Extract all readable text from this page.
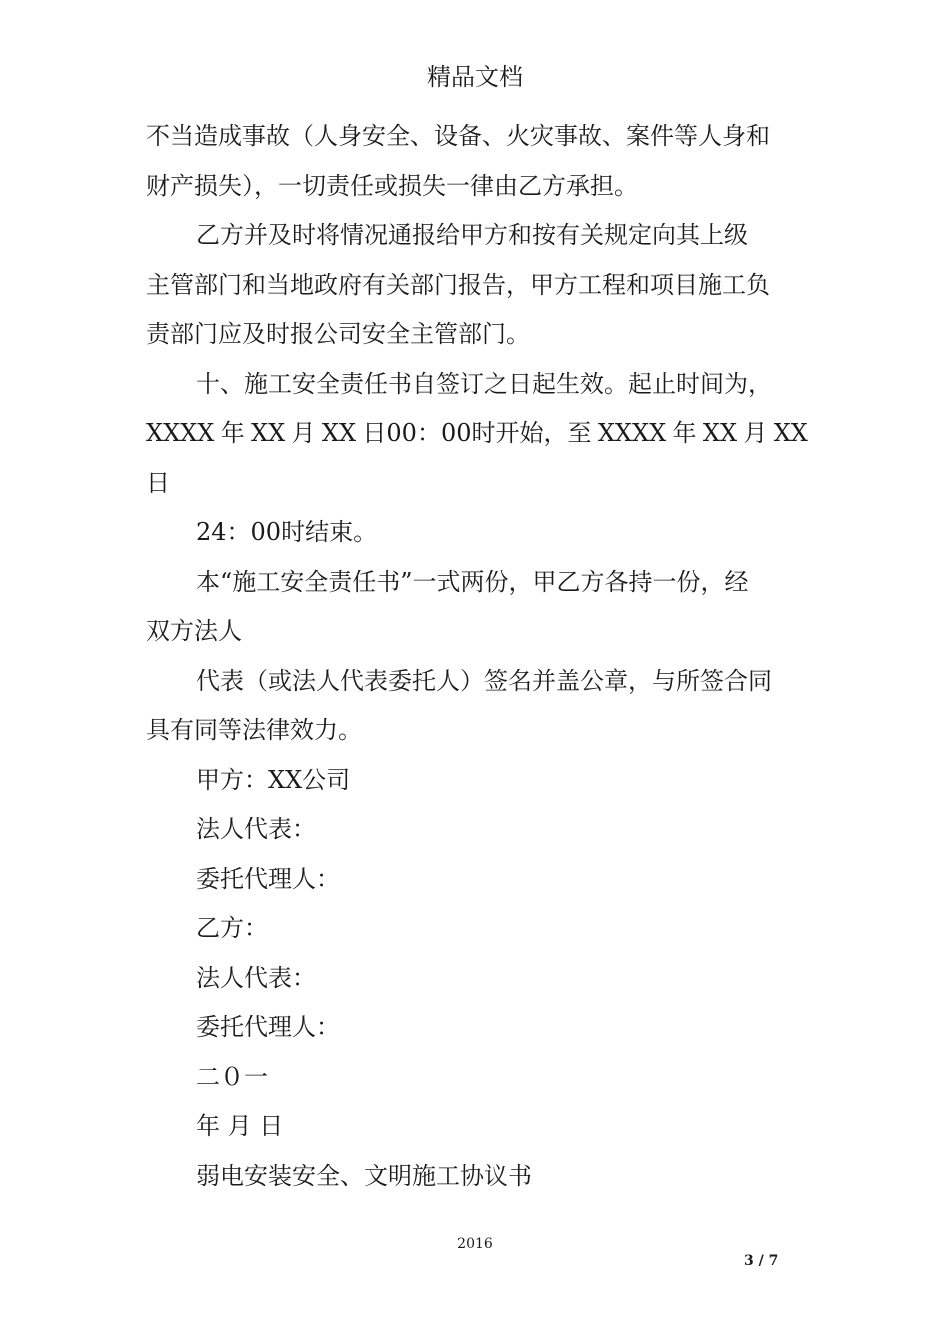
精品文档

不当造成事故（人身安全、设备、火灾事故、案件等人身和

财产损失），一切责任或损失一律由乙方承担。

乙方并及时将情况通报给甲方和按有关规定向其上级

主管部门和当地政府有关部门报告，甲方工程和项目施工负

责部门应及时报公司安全主管部门。

十、施工安全责任书自签订之日起生效。起止时间为，

XXXX 年 XX 月 XX 日00：00时开始，至 XXXX 年 XX 月 XX

日

24：00时结束。

本“施工安全责任书”一式两份，甲乙方各持一份，经

双方法人

代表（或法人代表委托人）签名并盖公章，与所签合同

具有同等法律效力。

甲方：XX公司

法人代表：

委托代理人：

乙方：

法人代表：

委托代理人：

二０一

年 月 日

弱电安装安全、文明施工协议书

2016
3 / 7
